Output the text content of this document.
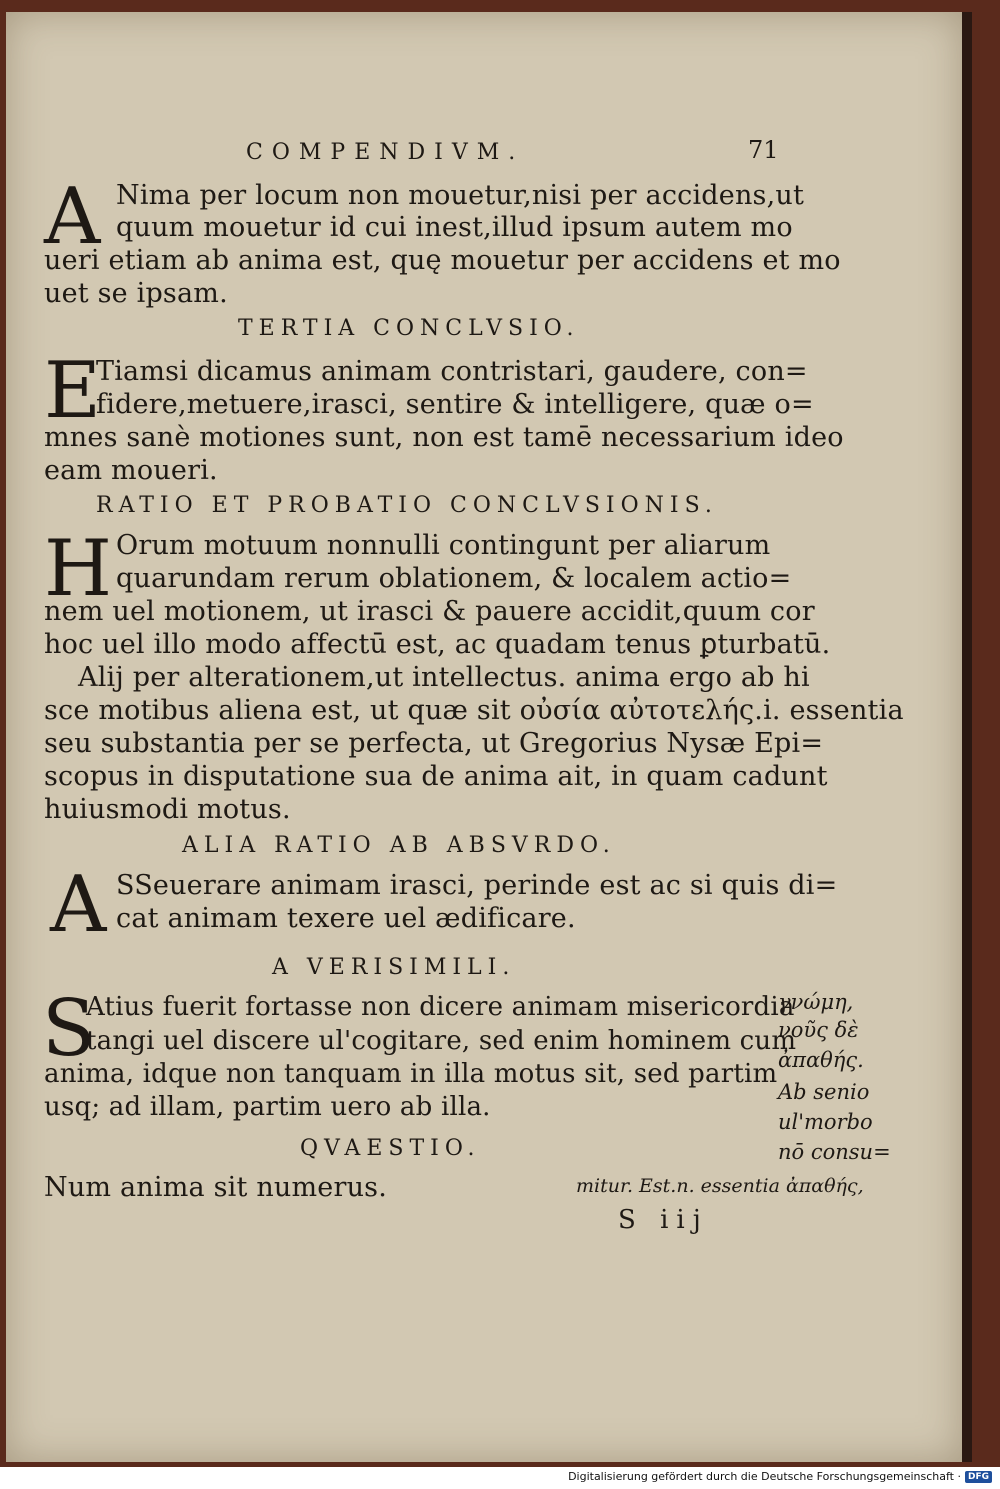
COMPENDIVM.	71
A Nima per locum non mouetur,nisi per accidens,ut
quum mouetur id cui inest,illud ipsum autem mo
ueri etiam ab anima est, quę mouetur per accidens et mo
uet se ipsam.
TERTIA CONCLVSIO.
E
Tiamsi dicamus animam contristari, gaudere, con=
fidere,metuere,irasci, sentire & intelligere, quæ o=
mnes sanè motiones sunt, non est tamē necessarium ideo
eam moueri.
RATIO ET PROBATIO CONCLVSIONIS.
H Orum motuum nonnulli contingunt per aliarum
quarundam rerum oblationem, & localem actio=
nem uel motionem, ut irasci & pauere accidit,quum cor
hoc uel illo modo affectū est, ac quadam tenus ꝑturbatū.
Alij per alterationem,ut intellectus. anima ergo ab hi
sce motibus aliena est, ut quæ sit οὐσία αὐτοτελής.i. essentia
seu substantia per se perfecta, ut Gregorius Nysæ Epi=
scopus in disputatione sua de anima ait, in quam cadunt
huiusmodi motus.
ALIA RATIO AB ABSVRDO.
A SSeuerare animam irasci, perinde est ac si quis di=
cat animam texere uel ædificare.
A VERISIMILI.
S
Atius fuerit fortasse non dicere animam misericordia
tangi uel discere ul'cogitare, sed enim hominem cum
anima, idque non tanquam in illa motus sit, sed partim
usq; ad illam, partim uero ab illa.
QVAESTIO.
Num anima sit numerus.
γνώμη,
νοῦς δὲ
ἀπαθής.
Ab senio
ul'morbo
nō consu=
mitur. Est.n. essentia ἀπαθής,
S iij
Digitalisierung gefördert durch die Deutsche Forschungsgemeinschaft · DFG
